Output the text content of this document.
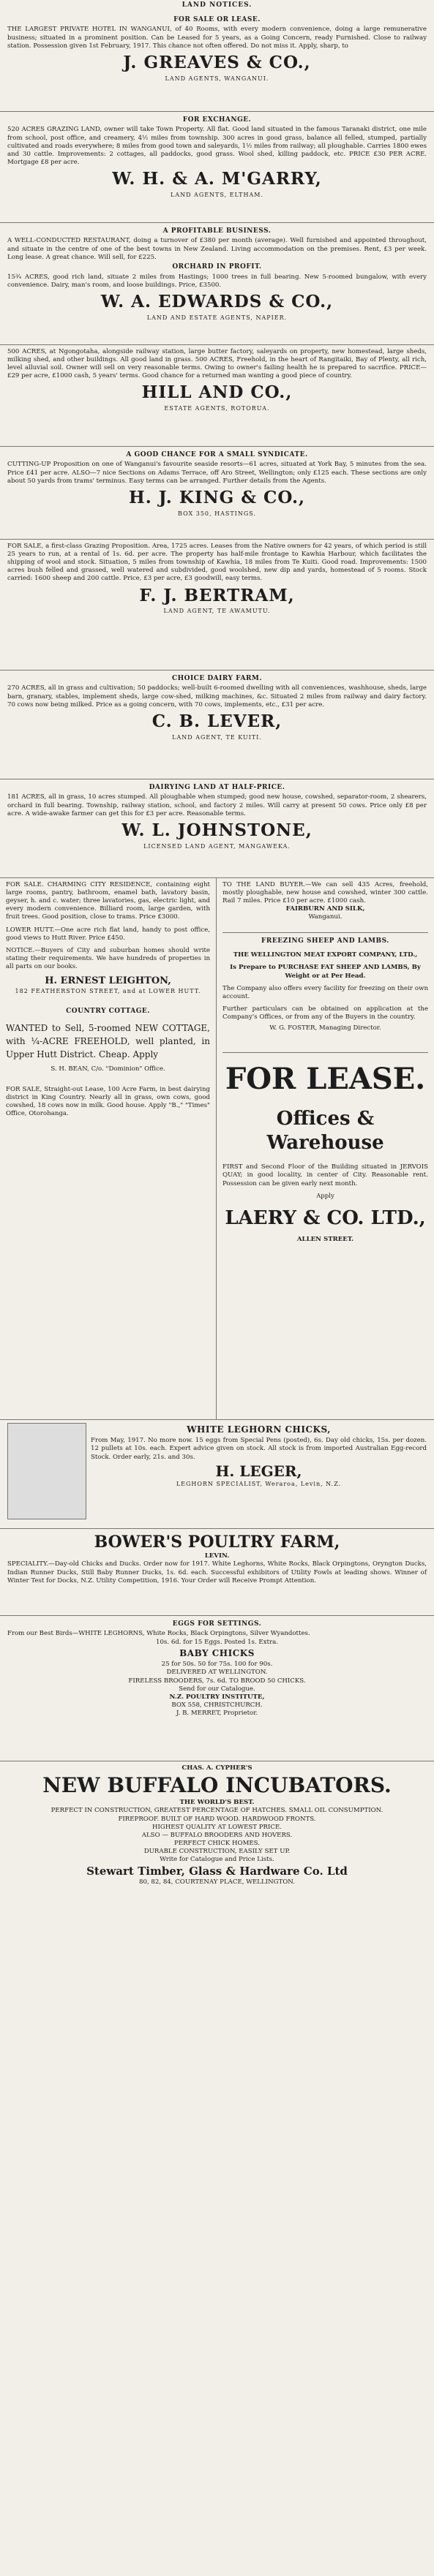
LAND NOTICES.
FOR SALE OR LEASE.
THE LARGEST PRIVATE HOTEL IN WANGANUI, of 40 Rooms, with every modern convenience, doing a large remunerative business; situated in a prominent position. Can be Leased for 5 years, as a Going Concern, ready Furnished. Close to railway station. Possession given 1st February, 1917. This chance not often offered. Do not miss it. Apply, sharp, to
J. GREAVES & CO.,
LAND AGENTS, WANGANUI.
FOR EXCHANGE.
520 ACRES GRAZING LAND, owner will take Town Property. All flat. Good land situated in the famous Taranaki district, one mile from school, post office, and creamery, 4½ miles from township. 300 acres in good grass, balance all felled, stumped, partially cultivated and roads everywhere; 8 miles from good town and saleyards, 1½ miles from railway; all ploughable. Carries 1800 ewes and 30 cattle. Improvements: 2 cottages, all paddocks, good grass. Wool shed, killing paddock, etc. PRICE £30 PER ACRE. Mortgage £8 per acre.
W. H. & A. M'GARRY,
LAND AGENTS, ELTHAM.
A PROFITABLE BUSINESS.
A WELL-CONDUCTED RESTAURANT, doing a turnover of £380 per month (average). Well furnished and appointed throughout, and situate in the centre of one of the best towns in New Zealand. Living accommodation on the premises. Rent, £3 per week. Long lease. A great chance. Will sell, for £225.
ORCHARD IN PROFIT.
15¾ ACRES, good rich land, situate 2 miles from Hastings; 1000 trees in full bearing. New 5-roomed bungalow, with every convenience. Dairy, man's room, and loose buildings. Price, £3500.
W. A. EDWARDS & CO.,
LAND AND ESTATE AGENTS, NAPIER.
500 ACRES, at Ngongotaha, alongside railway station, large butter factory, saleyards on property, new homestead, large sheds, milking shed, and other buildings. All good land in grass. 500 ACRES, Freehold, in the heart of Rangitaiki, Bay of Plenty, all rich, level alluvial soil. Owner will sell on very reasonable terms. Owing to owner's failing health he is prepared to sacrifice. PRICE—£29 per acre, £1000 cash, 5 years' terms. Good chance for a returned man wanting a good piece of country.
HILL AND CO.,
ESTATE AGENTS, ROTORUA.
A GOOD CHANCE FOR A SMALL SYNDICATE.
CUTTING-UP Proposition on one of Wanganui's favourite seaside resorts—61 acres, situated at York Bay, 5 minutes from the sea. Price £41 per acre. ALSO—7 nice Sections on Adams Terrace, off Aro Street, Wellington; only £125 each. These sections are only about 50 yards from trams' terminus. Easy terms can be arranged. Further details from the Agents.
H. J. KING & CO.,
BOX 350, HASTINGS.
FOR SALE, a first-class Grazing Proposition. Area, 1725 acres. Leases from the Native owners for 42 years, of which period is still 25 years to run, at a rental of 1s. 6d. per acre. The property has half-mile frontage to Kawhia Harbour, which facilitates the shipping of wool and stock. Situation, 5 miles from township of Kawhia, 18 miles from Te Kuiti. Good road. Improvements: 1500 acres bush felled and grassed, well watered and subdivided, good woolshed, new dip and yards, homestead of 5 rooms. Stock carried: 1600 sheep and 200 cattle. Price, £3 per acre, £3 goodwill, easy terms.
F. J. BERTRAM,
LAND AGENT, TE AWAMUTU.
CHOICE DAIRY FARM.
270 ACRES, all in grass and cultivation; 50 paddocks; well-built 6-roomed dwelling with all conveniences, washhouse, sheds, large barn, granary, stables, implement sheds, large cow-shed, milking machines, &c. Situated 2 miles from railway and dairy factory. 70 cows now being milked. Price as a going concern, with 70 cows, implements, etc., £31 per acre.
C. B. LEVER,
LAND AGENT, TE KUITI.
DAIRYING LAND AT HALF-PRICE.
181 ACRES, all in grass, 10 acres stumped. All ploughable when stumped; good new house, cowshed, separator-room, 2 shearers, orchard in full bearing. Township, railway station, school, and factory 2 miles. Will carry at present 50 cows. Price only £8 per acre. A wide-awake farmer can get this for £3 per acre. Reasonable terms.
W. L. JOHNSTONE,
LICENSED LAND AGENT, MANGAWEKA.
FOR SALE. CHARMING CITY RESIDENCE, containing eight large rooms, pantry, bathroom, enamel bath, lavatory basin, geyser, h. and c. water; three lavatories, gas, electric light, and every modern convenience. Billiard room, large garden, with fruit trees. Good position, close to trams. Price £3000.
LOWER HUTT.—One acre rich flat land, handy to post office, good views to Hutt River. Price £450.
NOTICE.—Buyers of City and suburban homes should write stating their requirements. We have hundreds of properties in all parts on our books.
H. ERNEST LEIGHTON,
182 FEATHERSTON STREET, and at LOWER HUTT.
COUNTRY COTTAGE.
WANTED to Sell, 5-roomed NEW COTTAGE, with ¼-ACRE FREEHOLD, well planted, in Upper Hutt District. Cheap. Apply
S. H. BEAN, C/o. "Dominion" Office.
FOR SALE, Straight-out Lease, 100 Acre Farm, in best dairying district in King Country. Nearly all in grass, own cows, good cowshed, 18 cows now in milk. Good house. Apply "B.," "Times" Office, Otorohanga.
TO THE LAND BUYER.—We can sell 435 Acres, freehold, mostly ploughable, new house and cowshed, winter 300 cattle. Rail 7 miles. Price £10 per acre. £1000 cash.
FAIRBURN AND SILK,
Wanganui.
FREEZING SHEEP AND LAMBS.
THE WELLINGTON MEAT EXPORT COMPANY, LTD.,
Is Prepare to PURCHASE FAT SHEEP AND LAMBS, By Weight or at Per Head.
The Company also offers every facility for freezing on their own account.
Further particulars can be obtained on application at the Company's Offices, or from any of the Buyers in the country.
W. G. FOSTER, Managing Director.
FOR LEASE.
Offices & Warehouse
FIRST and Second Floor of the Building situated in JERVOIS QUAY; in good locality, in center of City. Reasonable rent. Possession can be given early next month.
Apply
LAERY & CO. LTD.,
ALLEN STREET.
WHITE LEGHORN CHICKS,
From May, 1917. No more now. 15 eggs from Special Pens (posted), 6s. Day old chicks, 15s. per dozen. 12 pullets at 10s. each. Expert advice given on stock. All stock is from imported Australian Egg-record Stock. Order early, 21s. and 30s.
H. LEGER,
LEGHORN SPECIALIST, Weraroa, Levin, N.Z.
BOWER'S POULTRY FARM,
LEVIN.
SPECIALITY.—Day-old Chicks and Ducks. Order now for 1917. White Leghorns, White Rocks, Black Orpingtons, Oryngton Ducks, Indian Runner Ducks, Still Baby Runner Ducks, 1s. 6d. each. Successful exhibitors of Utility Fowls at leading shows. Winner of Winter Test for Docks, N.Z. Utility Competition, 1916. Your Order will Receive Prompt Attention.
EGGS FOR SETTINGS.
From our Best Birds—WHITE LEGHORNS, White Rocks, Black Orpingtons, Silver Wyandottes.
10s. 6d. for 15 Eggs. Posted 1s. Extra.
BABY CHICKS
25 for 50s. 50 for 75s. 100 for 90s.
DELIVERED AT WELLINGTON.
FIRELESS BROODERS, 7s. 6d. TO BROOD 50 CHICKS.
Send for our Catalogue.
N.Z. POULTRY INSTITUTE,
BOX 558, CHRISTCHURCH.
J. B. MERRET, Proprietor.
CHAS. A. CYPHER'S
NEW BUFFALO INCUBATORS.
THE WORLD'S BEST.
PERFECT IN CONSTRUCTION, GREATEST PERCENTAGE OF HATCHES. SMALL OIL CONSUMPTION.
FIREPROOF. BUILT OF HARD WOOD. HARDWOOD FRONTS.
HIGHEST QUALITY AT LOWEST PRICE.
ALSO — BUFFALO BROODERS AND HOVERS.
PERFECT CHICK HOMES.
DURABLE CONSTRUCTION, EASILY SET UP.
Write for Catalogue and Price Lists.
Stewart Timber, Glass & Hardware Co. Ltd
80, 82, 84, COURTENAY PLACE, WELLINGTON.
